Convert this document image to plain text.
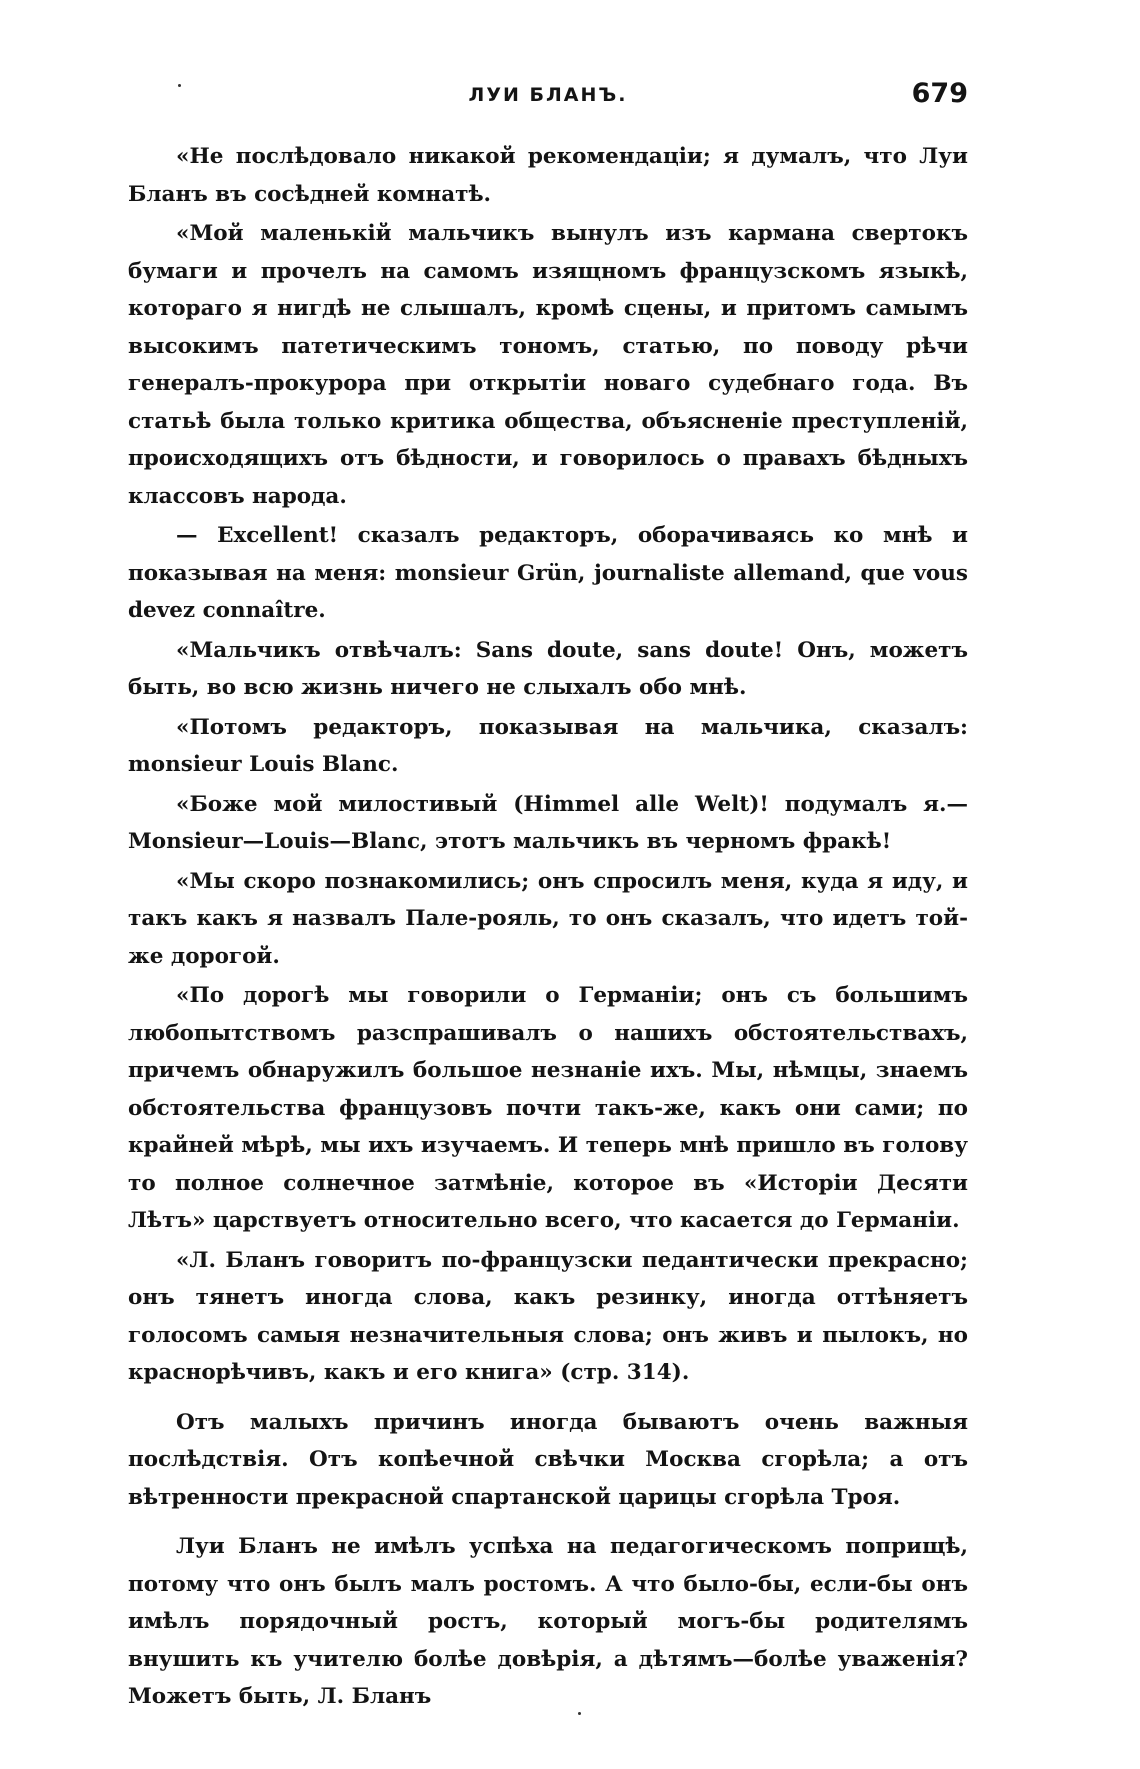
ЛУИ БЛАНЪ.	679

«Не послѣдовало никакой рекомендаціи; я думалъ, что Луи Бланъ въ сосѣдней комнатѣ.

«Мой маленькій мальчикъ вынулъ изъ кармана свертокъ бумаги и прочелъ на самомъ изящномъ французскомъ языкѣ, котораго я нигдѣ не слышалъ, кромѣ сцены, и притомъ самымъ высокимъ патетическимъ тономъ, статью, по поводу рѣчи генералъ-прокурора при открытіи новаго судебнаго года. Въ статьѣ была только критика общества, объясненіе преступленій, происходящихъ отъ бѣдности, и говорилось о правахъ бѣдныхъ классовъ народа.

— Excellent! сказалъ редакторъ, оборачиваясь ко мнѣ и показывая на меня: monsieur Grün, journaliste allemand, que vous devez connaître.

«Мальчикъ отвѣчалъ: Sans doute, sans doute! Онъ, можетъ быть, во всю жизнь ничего не слыхалъ обо мнѣ.

«Потомъ редакторъ, показывая на мальчика, сказалъ: monsieur Louis Blanc.

«Боже мой милостивый (Himmel alle Welt)! подумалъ я.—Monsieur—Louis—Blanc, этотъ мальчикъ въ черномъ фракѣ!

«Мы скоро познакомились; онъ спросилъ меня, куда я иду, и такъ какъ я назвалъ Пале-рояль, то онъ сказалъ, что идетъ той-же дорогой.

«По дорогѣ мы говорили о Германіи; онъ съ большимъ любопытствомъ разспрашивалъ о нашихъ обстоятельствахъ, причемъ обнаружилъ большое незнаніе ихъ. Мы, нѣмцы, знаемъ обстоятельства французовъ почти такъ-же, какъ они сами; по крайней мѣрѣ, мы ихъ изучаемъ. И теперь мнѣ пришло въ голову то полное солнечное затмѣніе, которое въ «Исторіи Десяти Лѣтъ» царствуетъ относительно всего, что касается до Германіи.

«Л. Бланъ говоритъ по-французски педантически прекрасно; онъ тянетъ иногда слова, какъ резинку, иногда оттѣняетъ голосомъ самыя незначительныя слова; онъ живъ и пылокъ, но краснорѣчивъ, какъ и его книга» (стр. 314).

Отъ малыхъ причинъ иногда бываютъ очень важныя послѣдствія. Отъ копѣечной свѣчки Москва сгорѣла; а отъ вѣтренности прекрасной спартанской царицы сгорѣла Троя.

Луи Бланъ не имѣлъ успѣха на педагогическомъ поприщѣ, потому что онъ былъ малъ ростомъ. А что было-бы, если-бы онъ имѣлъ порядочный ростъ, который могъ-бы родителямъ внушить къ учителю болѣе довѣрія, а дѣтямъ—болѣе уваженія? Можетъ быть, Л. Бланъ
